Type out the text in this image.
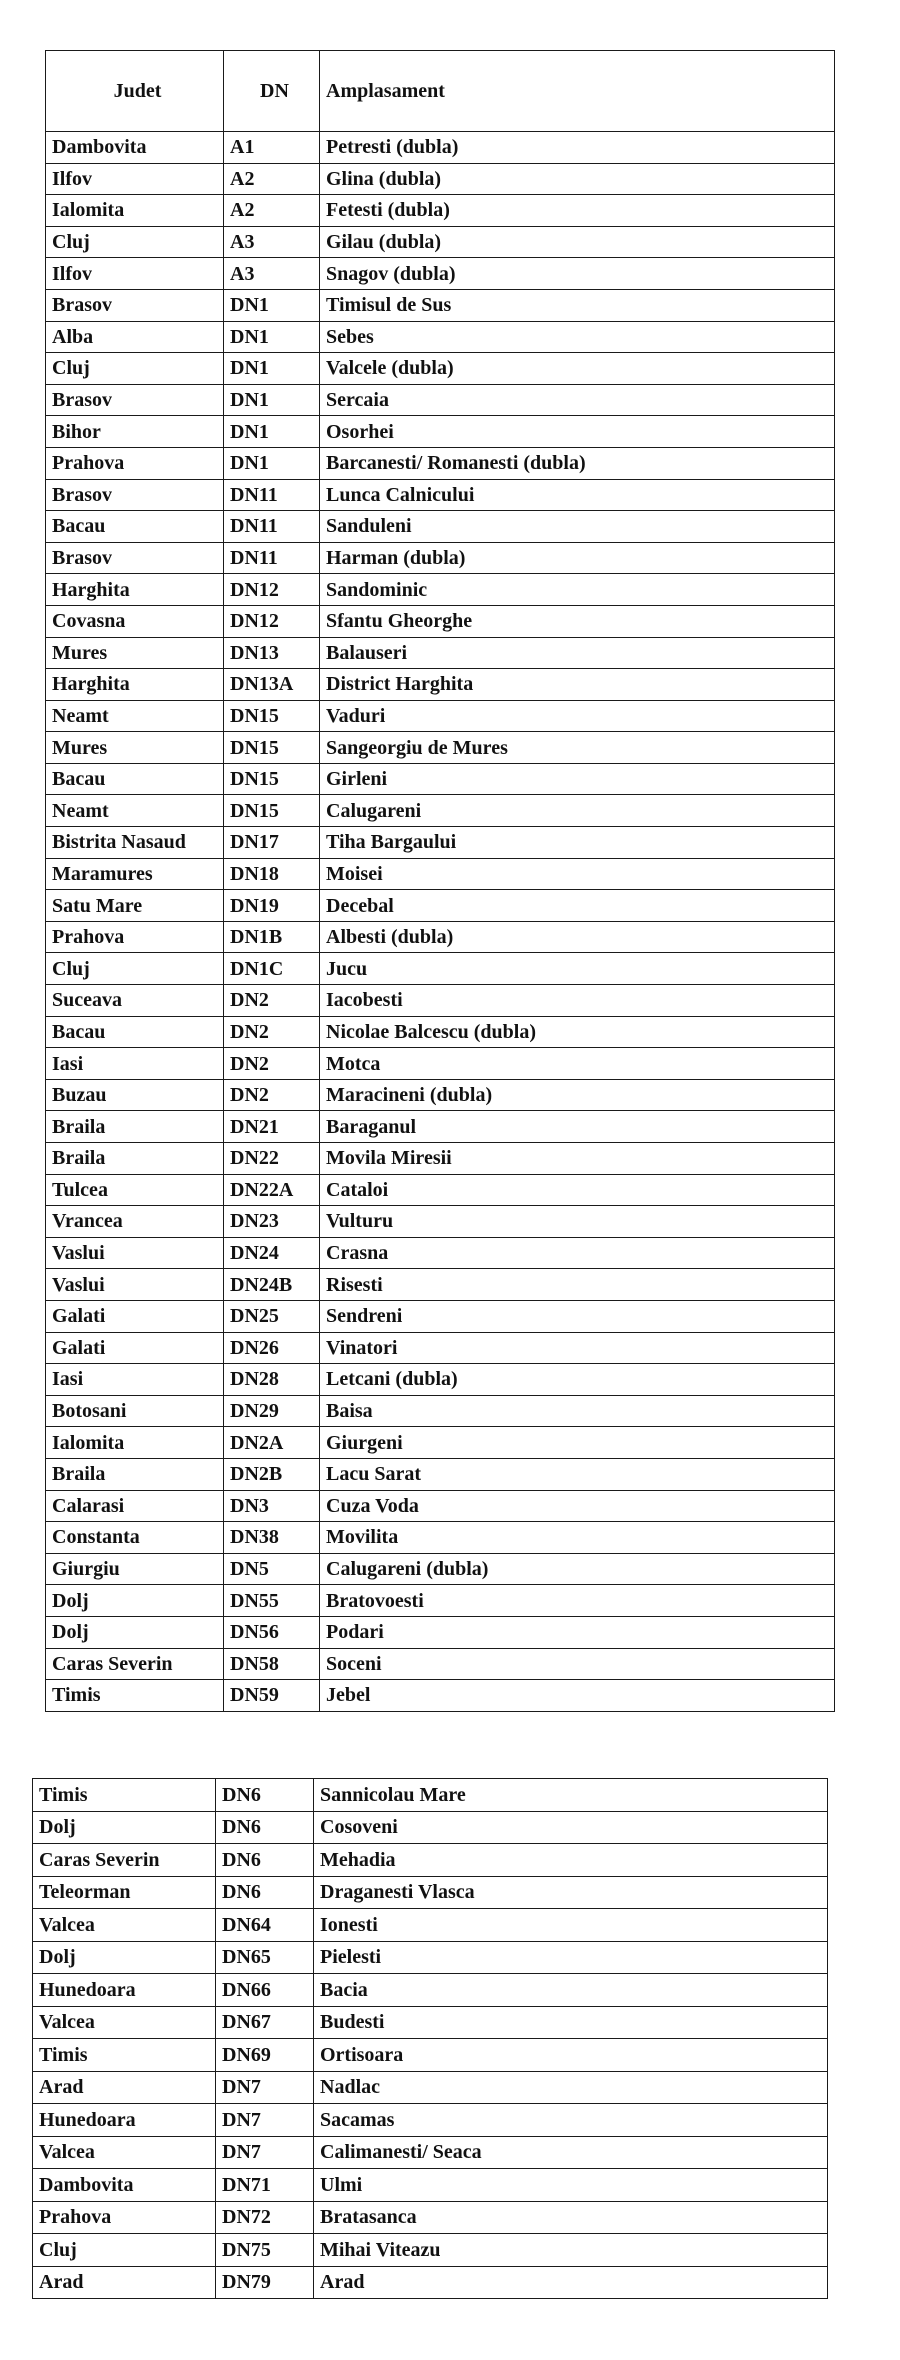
Judet	DN	Amplasament
Dambovita	A1	Petresti (dubla)
Ilfov	A2	Glina (dubla)
Ialomita	A2	Fetesti (dubla)
Cluj	A3	Gilau (dubla)
Ilfov	A3	Snagov (dubla)
Brasov	DN1	Timisul de Sus
Alba	DN1	Sebes
Cluj	DN1	Valcele (dubla)
Brasov	DN1	Sercaia
Bihor	DN1	Osorhei
Prahova	DN1	Barcanesti/ Romanesti (dubla)
Brasov	DN11	Lunca Calnicului
Bacau	DN11	Sanduleni
Brasov	DN11	Harman (dubla)
Harghita	DN12	Sandominic
Covasna	DN12	Sfantu Gheorghe
Mures	DN13	Balauseri
Harghita	DN13A	District Harghita
Neamt	DN15	Vaduri
Mures	DN15	Sangeorgiu de Mures
Bacau	DN15	Girleni
Neamt	DN15	Calugareni
Bistrita Nasaud	DN17	Tiha Bargaului
Maramures	DN18	Moisei
Satu Mare	DN19	Decebal
Prahova	DN1B	Albesti (dubla)
Cluj	DN1C	Jucu
Suceava	DN2	Iacobesti
Bacau	DN2	Nicolae Balcescu (dubla)
Iasi	DN2	Motca
Buzau	DN2	Maracineni (dubla)
Braila	DN21	Baraganul
Braila	DN22	Movila Miresii
Tulcea	DN22A	Cataloi
Vrancea	DN23	Vulturu
Vaslui	DN24	Crasna
Vaslui	DN24B	Risesti
Galati	DN25	Sendreni
Galati	DN26	Vinatori
Iasi	DN28	Letcani (dubla)
Botosani	DN29	Baisa
Ialomita	DN2A	Giurgeni
Braila	DN2B	Lacu Sarat
Calarasi	DN3	Cuza Voda
Constanta	DN38	Movilita
Giurgiu	DN5	Calugareni (dubla)
Dolj	DN55	Bratovoesti
Dolj	DN56	Podari
Caras Severin	DN58	Soceni
Timis	DN59	Jebel
Timis	DN6	Sannicolau Mare
Dolj	DN6	Cosoveni
Caras Severin	DN6	Mehadia
Teleorman	DN6	Draganesti Vlasca
Valcea	DN64	Ionesti
Dolj	DN65	Pielesti
Hunedoara	DN66	Bacia
Valcea	DN67	Budesti
Timis	DN69	Ortisoara
Arad	DN7	Nadlac
Hunedoara	DN7	Sacamas
Valcea	DN7	Calimanesti/ Seaca
Dambovita	DN71	Ulmi
Prahova	DN72	Bratasanca
Cluj	DN75	Mihai Viteazu
Arad	DN79	Arad
